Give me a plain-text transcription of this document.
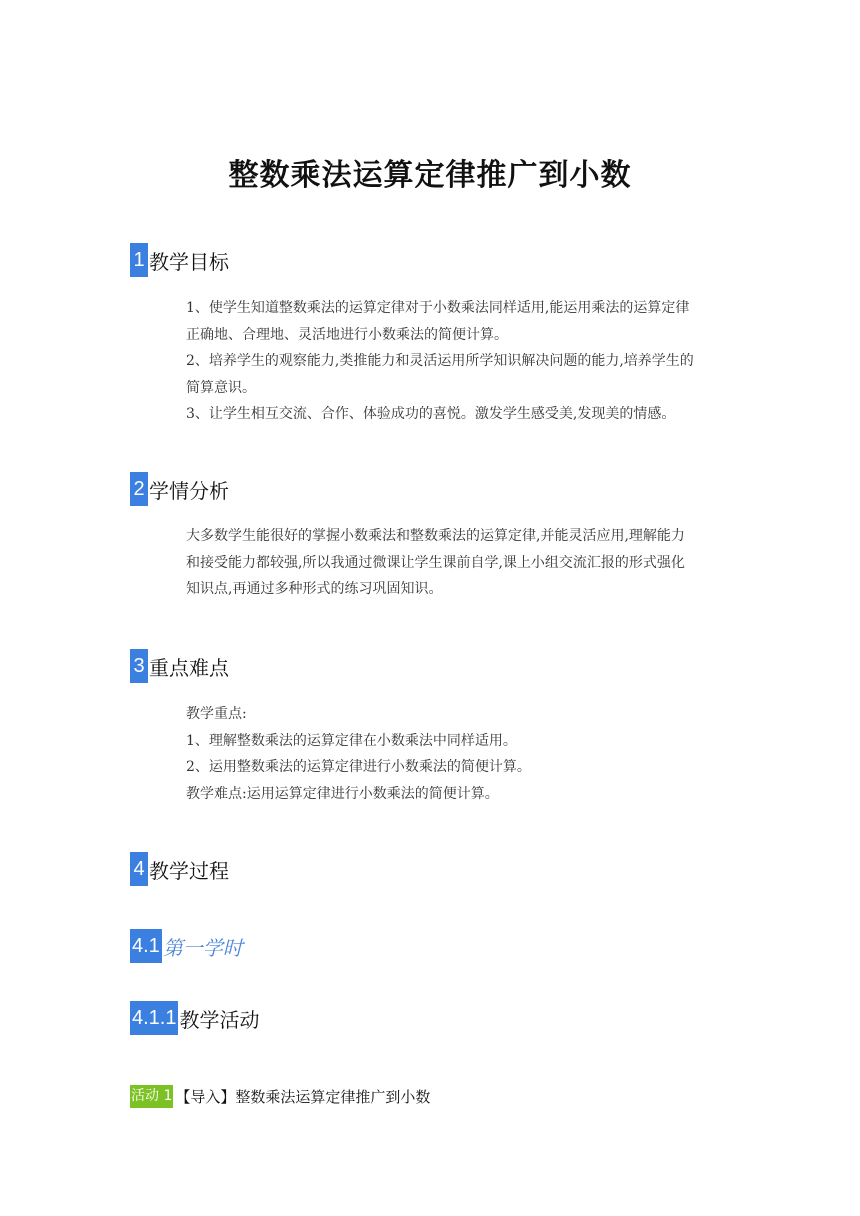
整数乘法运算定律推广到小数
1 教学目标

1、使学生知道整数乘法的运算定律对于小数乘法同样适用,能运用乘法的运算定律

正确地、合理地、灵活地进行小数乘法的简便计算。

2、培养学生的观察能力,类推能力和灵活运用所学知识解决问题的能力,培养学生的

简算意识。

3、让学生相互交流、合作、体验成功的喜悦。激发学生感受美,发现美的情感。

2 学情分析

大多数学生能很好的掌握小数乘法和整数乘法的运算定律,并能灵活应用,理解能力

和接受能力都较强,所以我通过微课让学生课前自学,课上小组交流汇报的形式强化

知识点,再通过多种形式的练习巩固知识。

3 重点难点

教学重点:

1、理解整数乘法的运算定律在小数乘法中同样适用。

2、运用整数乘法的运算定律进行小数乘法的简便计算。

教学难点:运用运算定律进行小数乘法的简便计算。

4 教学过程
4.1 第一学时
4.1.1 教学活动
活动 1 【导入】整数乘法运算定律推广到小数
